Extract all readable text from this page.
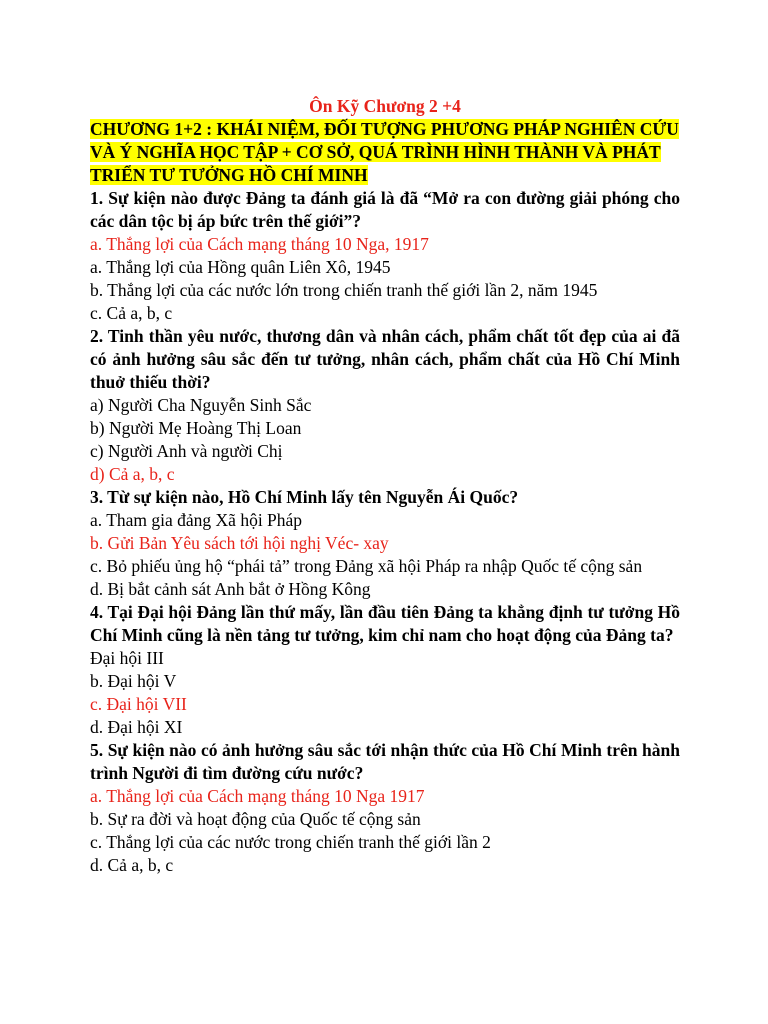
Ôn Kỹ Chương 2 +4

CHƯƠNG 1+2 : KHÁI NIỆM, ĐỐI TƯỢNG PHƯƠNG PHÁP NGHIÊN CỨU VÀ Ý NGHĨA HỌC TẬP + CƠ SỞ, QUÁ TRÌNH HÌNH THÀNH VÀ PHÁT TRIỂN TƯ TƯỞNG HỒ CHÍ MINH

1. Sự kiện nào được Đảng ta đánh giá là đã “Mở ra con đường giải phóng cho các dân tộc bị áp bức trên thế giới”?

a. Thắng lợi của Cách mạng tháng 10 Nga, 1917

a. Thắng lợi của Hồng quân Liên Xô, 1945

b. Thắng lợi của các nước lớn trong chiến tranh thế giới lần 2, năm 1945

c. Cả a, b, c

2. Tinh thần yêu nước, thương dân và nhân cách, phẩm chất tốt đẹp của ai đã có ảnh hưởng sâu sắc đến tư tưởng, nhân cách, phẩm chất của Hồ Chí Minh thuở thiếu thời?

a) Người Cha Nguyễn Sinh Sắc

b) Người Mẹ Hoàng Thị Loan

c) Người Anh và người Chị

d) Cả a, b, c

3. Từ sự kiện nào, Hồ Chí Minh lấy tên Nguyễn Ái Quốc?

a. Tham gia đảng Xã hội Pháp

b. Gửi Bản Yêu sách tới hội nghị Véc- xay

c. Bỏ phiếu ủng hộ “phái tả” trong Đảng xã hội Pháp ra nhập Quốc tế cộng sản

d. Bị bắt cảnh sát Anh bắt ở Hồng Kông

4. Tại Đại hội Đảng lần thứ mấy, lần đầu tiên Đảng ta khẳng định tư tưởng Hồ Chí Minh cũng là nền tảng tư tưởng, kim chỉ nam cho hoạt động của Đảng ta?

Đại hội III

b. Đại hội V

c. Đại hội VII

d. Đại hội XI

5. Sự kiện nào có ảnh hưởng sâu sắc tới nhận thức của Hồ Chí Minh trên hành trình Người đi tìm đường cứu nước?

a. Thắng lợi của Cách mạng tháng 10 Nga 1917

b. Sự ra đời và hoạt động của Quốc tế cộng sản

c. Thắng lợi của các nước trong chiến tranh thế giới lần 2

d. Cả a, b, c
